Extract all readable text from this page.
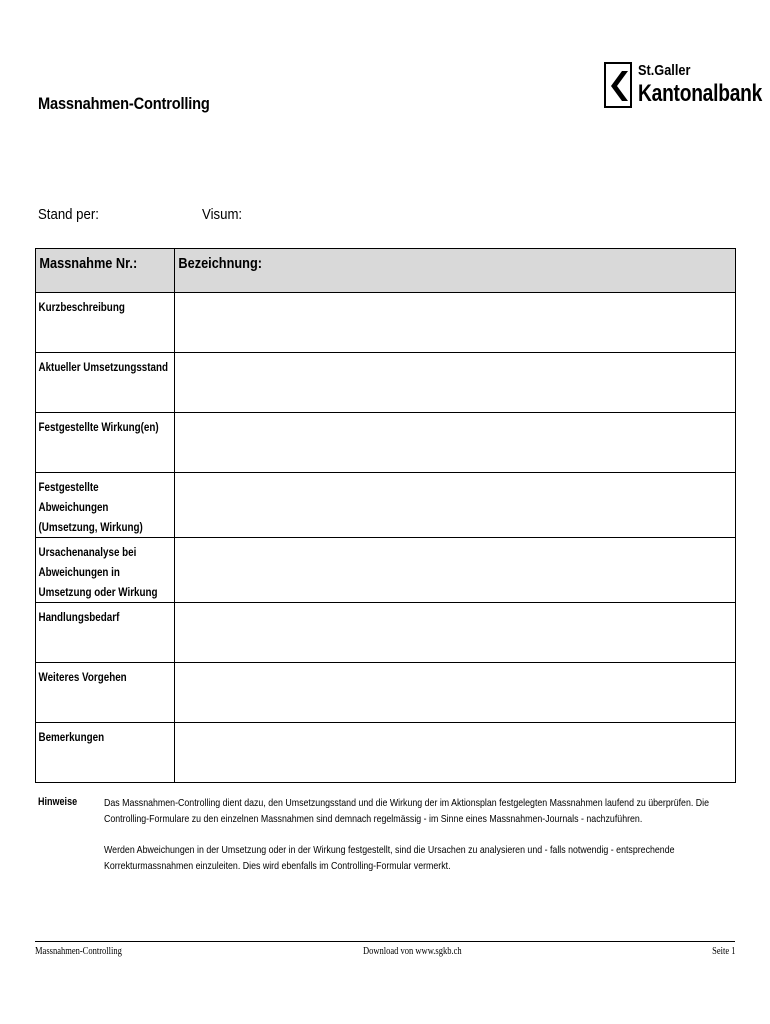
Massnahmen-Controlling
St.Galler
Kantonalbank
Stand per:	Visum:
Massnahme Nr.:	Bezeichnung:
Kurzbeschreibung	
Aktueller Umsetzungsstand	
Festgestellte Wirkung(en)	
Festgestellte Abweichungen (Umsetzung, Wirkung)	
Ursachenanalyse bei Abweichungen in Umsetzung oder Wirkung	
Handlungsbedarf	
Weiteres Vorgehen	
Bemerkungen	
Hinweise	Das Massnahmen-Controlling dient dazu, den Umsetzungsstand und die Wirkung der im Aktionsplan festgelegten Massnahmen laufend zu überprüfen. Die Controlling-Formulare zu den einzelnen Massnahmen sind demnach regelmässig - im Sinne eines Massnahmen-Journals - nachzuführen.
Werden Abweichungen in der Umsetzung oder in der Wirkung festgestellt, sind die Ursachen zu analysieren und - falls notwendig - entsprechende Korrekturmassnahmen einzuleiten. Dies wird ebenfalls im Controlling-Formular vermerkt.
Massnahmen-Controlling	Download von www.sgkb.ch	Seite 1
